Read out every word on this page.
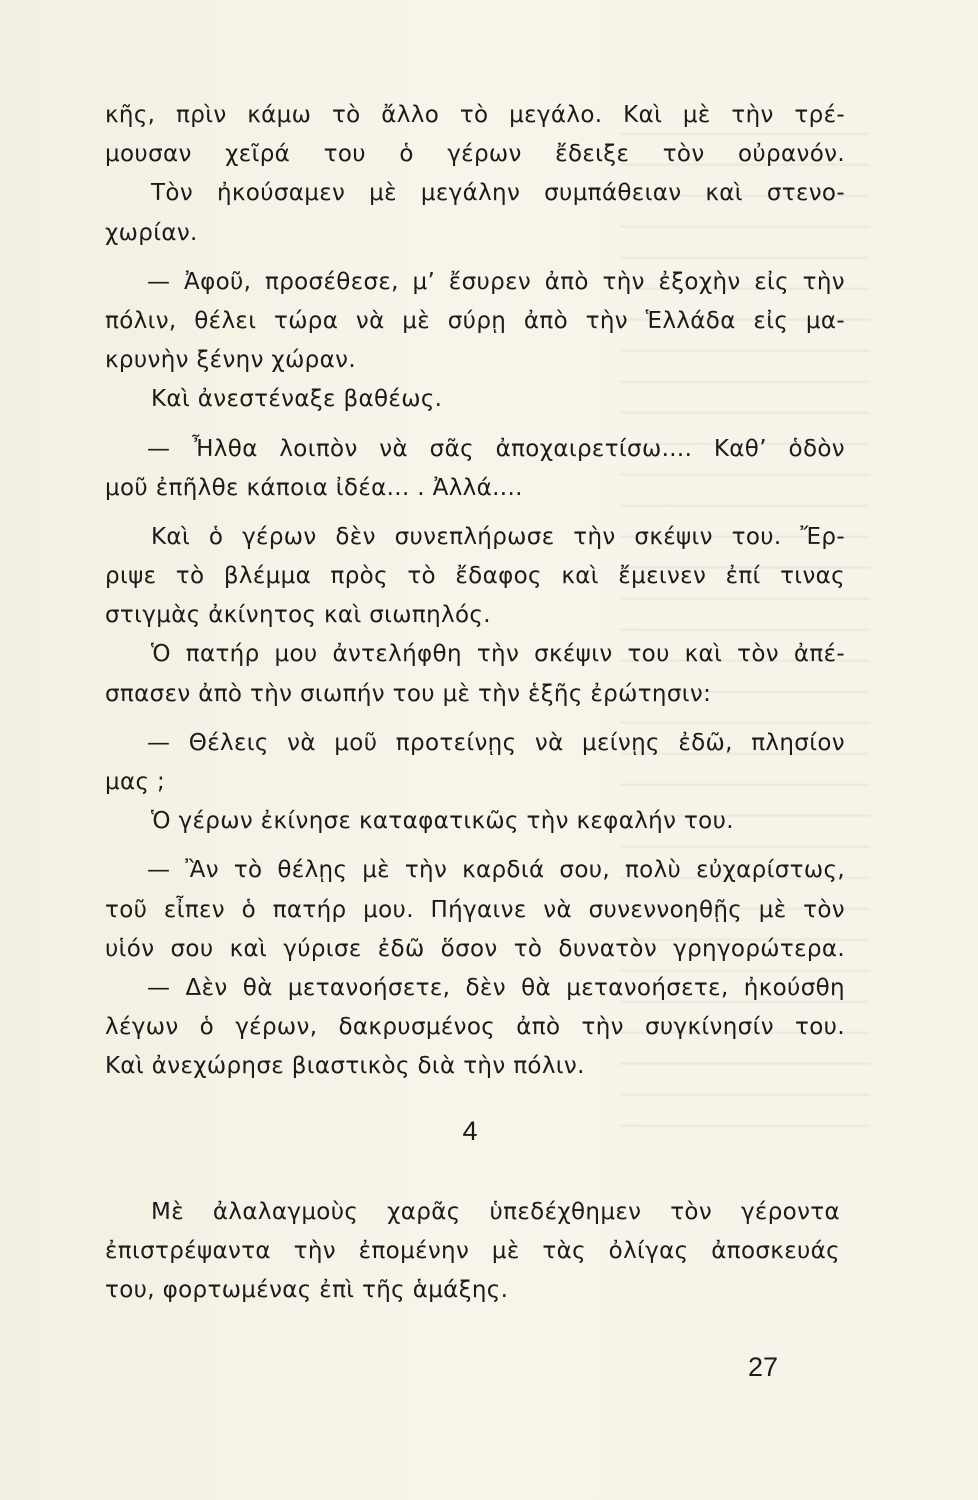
κῆς, πρὶν κάμω τὸ ἄλλο τὸ μεγάλο. Καὶ μὲ τὴν τρέ-
μουσαν χεῖρά του ὁ γέρων ἔδειξε τὸν οὐρανόν.
Τὸν ἠκούσαμεν μὲ μεγάλην συμπάθειαν καὶ στενο-
χωρίαν.
— Ἀφοῦ, προσέθεσε, μ’ ἔσυρεν ἀπὸ τὴν ἐξοχὴν εἰς τὴν
πόλιν, θέλει τώρα νὰ μὲ σύρῃ ἀπὸ τὴν Ἑλλάδα εἰς μα-
κρυνὴν ξένην χώραν.
Καὶ ἀνεστέναξε βαθέως.
— Ἦλθα λοιπὸν νὰ σᾶς ἀποχαιρετίσω.... Καθ’ ὁδὸν
μοῦ ἐπῆλθε κάποια ἰδέα... . Ἀλλά....
Καὶ ὁ γέρων δὲν συνεπλήρωσε τὴν σκέψιν του. Ἔρ-
ριψε τὸ βλέμμα πρὸς τὸ ἔδαφος καὶ ἔμεινεν ἐπί τινας
στιγμὰς ἀκίνητος καὶ σιωπηλός.
Ὁ πατήρ μου ἀντελήφθη τὴν σκέψιν του καὶ τὸν ἀπέ-
σπασεν ἀπὸ τὴν σιωπήν του μὲ τὴν ἑξῆς ἐρώτησιν:
— Θέλεις νὰ μοῦ προτείνῃς νὰ μείνῃς ἐδῶ, πλησίον
μας ;
Ὁ γέρων ἐκίνησε καταφατικῶς τὴν κεφαλήν του.
— Ἂν τὸ θέλῃς μὲ τὴν καρδιά σου, πολὺ εὐχαρίστως,
τοῦ εἶπεν ὁ πατήρ μου. Πήγαινε νὰ συνεννοηθῇς μὲ τὸν
υἱόν σου καὶ γύρισε ἐδῶ ὅσον τὸ δυνατὸν γρηγορώτερα.
— Δὲν θὰ μετανοήσετε, δὲν θὰ μετανοήσετε, ἠκούσθη
λέγων ὁ γέρων, δακρυσμένος ἀπὸ τὴν συγκίνησίν του.
Καὶ ἀνεχώρησε βιαστικὸς διὰ τὴν πόλιν.
4
Μὲ ἀλαλαγμοὺς χαρᾶς ὑπεδέχθημεν τὸν γέροντα
ἐπιστρέψαντα τὴν ἐπομένην μὲ τὰς ὀλίγας ἀποσκευάς
του, φορτωμένας ἐπὶ τῆς ἁμάξης.
27
